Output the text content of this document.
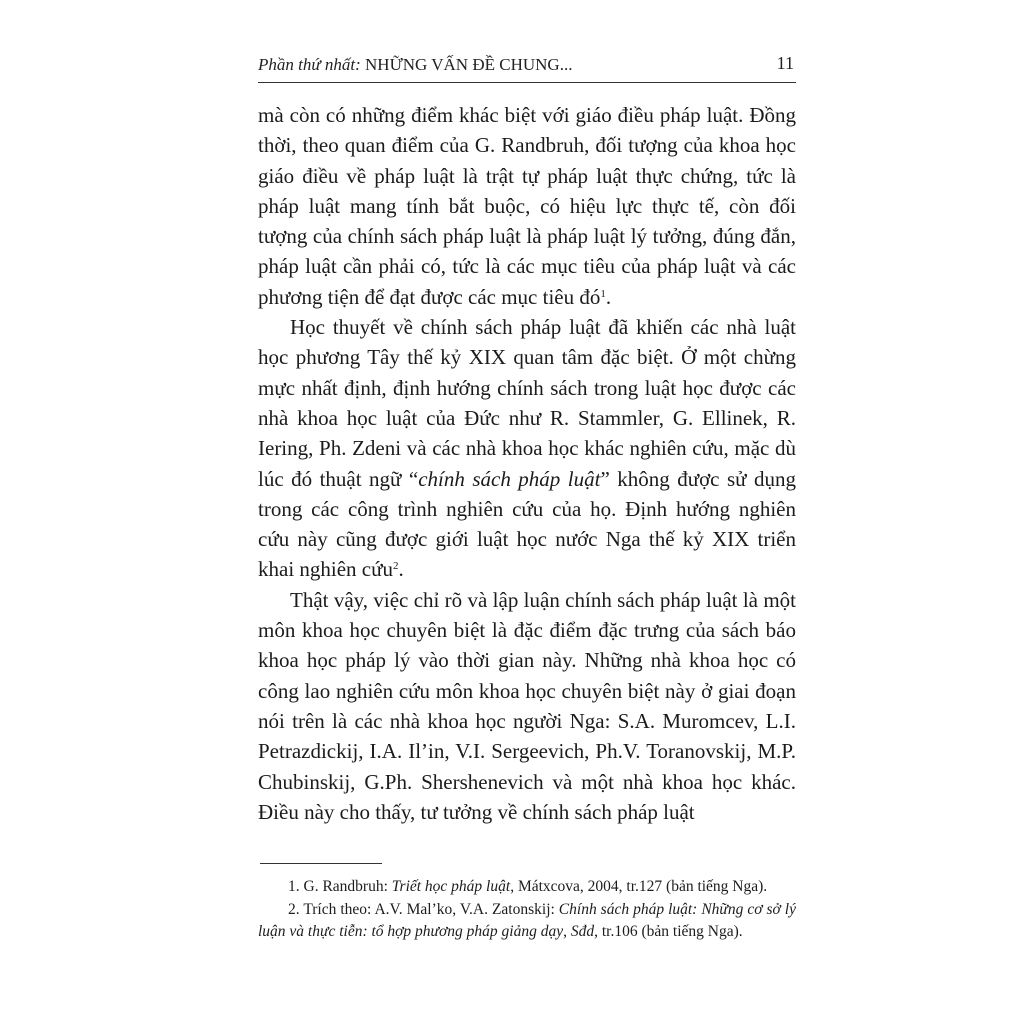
Phần thứ nhất: NHỮNG VẤN ĐỀ CHUNG...	11

mà còn có những điểm khác biệt với giáo điều pháp luật. Đồng thời, theo quan điểm của G. Randbruh, đối tượng của khoa học giáo điều về pháp luật là trật tự pháp luật thực chứng, tức là pháp luật mang tính bắt buộc, có hiệu lực thực tế, còn đối tượng của chính sách pháp luật là pháp luật lý tưởng, đúng đắn, pháp luật cần phải có, tức là các mục tiêu của pháp luật và các phương tiện để đạt được các mục tiêu $đó^1$.

Học thuyết về chính sách pháp luật đã khiến các nhà luật học phương Tây thế kỷ XIX quan tâm đặc biệt. Ở một chừng mực nhất định, định hướng chính sách trong luật học được các nhà khoa học luật của Đức như R. Stammler, G. Ellinek, R. Iering, Ph. Zdeni và các nhà khoa học khác nghiên cứu, mặc dù lúc đó thuật ngữ “chính sách pháp luật” không được sử dụng trong các công trình nghiên cứu của họ. Định hướng nghiên cứu này cũng được giới luật học nước Nga thế kỷ XIX triển khai nghiên cứu$^2$.

Thật vậy, việc chỉ rõ và lập luận chính sách pháp luật là một môn khoa học chuyên biệt là đặc điểm đặc trưng của sách báo khoa học pháp lý vào thời gian này. Những nhà khoa học có công lao nghiên cứu môn khoa học chuyên biệt này ở giai đoạn nói trên là các nhà khoa học người Nga: S.A. Muromcev, L.I. Petrazdickij, I.A. Il’in, V.I. Sergeevich, Ph.V. Toranovskij, M.P. Chubinskij, G.Ph. Shershenevich và một nhà khoa học khác. Điều này cho thấy, tư tưởng về chính sách pháp luật

1. G. Randbruh: Triết học pháp luật, Mátxcova, 2004, tr.127 (bản tiếng Nga).

2. Trích theo: A.V. Mal’ko, V.A. Zatonskij: Chính sách pháp luật: Những cơ sở lý luận và thực tiễn: tổ hợp phương pháp giảng dạy, Sđd, tr.106 (bản tiếng Nga).
